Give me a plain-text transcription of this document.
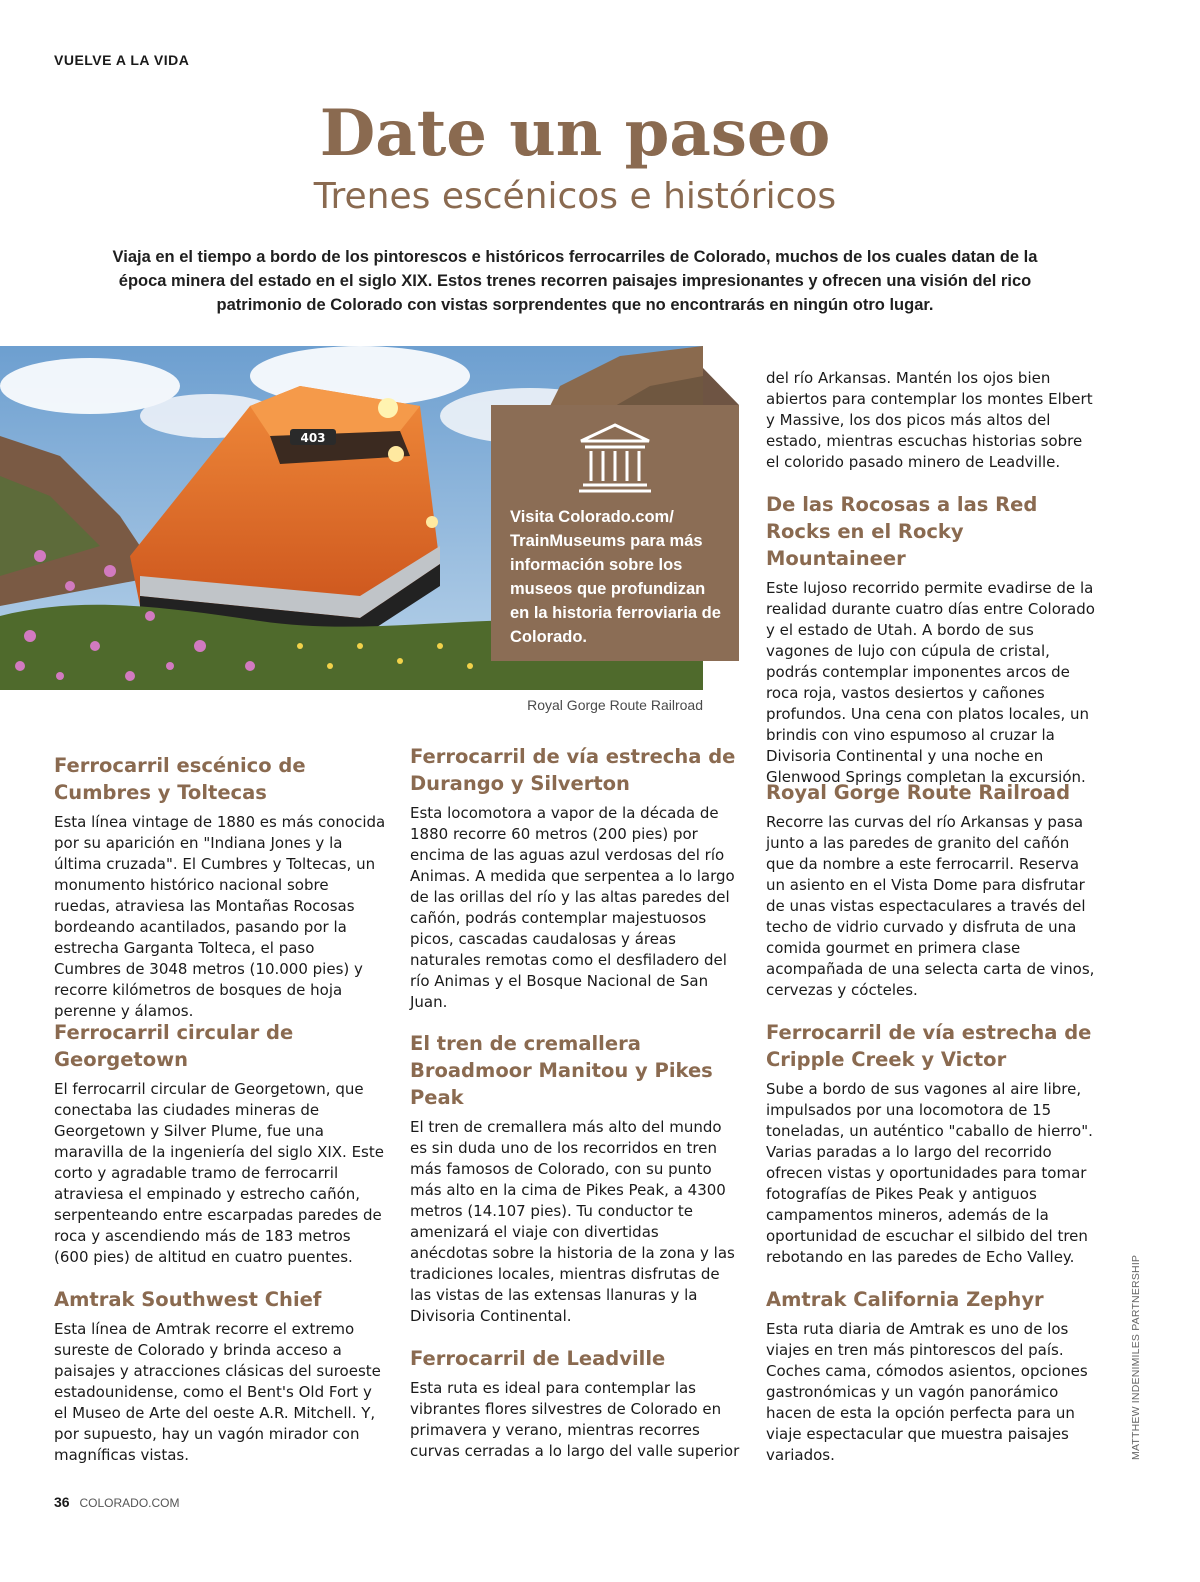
VUELVE A LA VIDA
Date un paseo
Trenes escénicos e históricos

Viaja en el tiempo a bordo de los pintorescos e históricos ferrocarriles de Colorado, muchos de los cuales datan de la época minera del estado en el siglo XIX. Estos trenes recorren paisajes impresionantes y ofrecen una visión del rico patrimonio de Colorado con vistas sorprendentes que no encontrarás en ningún otro lugar.

403

Visita Colorado.com/ TrainMuseums para más información sobre los museos que profundizan en la historia ferroviaria de Colorado.

Royal Gorge Route Railroad
Ferrocarril escénico de Cumbres y Toltecas

Esta línea vintage de 1880 es más conocida por su aparición en "Indiana Jones y la última cruzada". El Cumbres y Toltecas, un monumento histórico nacional sobre ruedas, atraviesa las Montañas Rocosas bordeando acantilados, pasando por la estrecha Garganta Tolteca, el paso Cumbres de 3048 metros (10.000 pies) y recorre kilómetros de bosques de hoja perenne y álamos.

Ferrocarril circular de Georgetown

El ferrocarril circular de Georgetown, que conectaba las ciudades mineras de Georgetown y Silver Plume, fue una maravilla de la ingeniería del siglo XIX. Este corto y agradable tramo de ferrocarril atraviesa el empinado y estrecho cañón, serpenteando entre escarpadas paredes de roca y ascendiendo más de 183 metros (600 pies) de altitud en cuatro puentes.

Amtrak Southwest Chief

Esta línea de Amtrak recorre el extremo sureste de Colorado y brinda acceso a paisajes y atracciones clásicas del suroeste estadounidense, como el Bent's Old Fort y el Museo de Arte del oeste A.R. Mitchell. Y, por supuesto, hay un vagón mirador con magníficas vistas.

Ferrocarril de vía estrecha de Durango y Silverton

Esta locomotora a vapor de la década de 1880 recorre 60 metros (200 pies) por encima de las aguas azul verdosas del río Animas. A medida que serpentea a lo largo de las orillas del río y las altas paredes del cañón, podrás contemplar majestuosos picos, cascadas caudalosas y áreas naturales remotas como el desfiladero del río Animas y el Bosque Nacional de San Juan.

El tren de cremallera Broadmoor Manitou y Pikes Peak

El tren de cremallera más alto del mundo es sin duda uno de los recorridos en tren más famosos de Colorado, con su punto más alto en la cima de Pikes Peak, a 4300 metros (14.107 pies). Tu conductor te amenizará el viaje con divertidas anécdotas sobre la historia de la zona y las tradiciones locales, mientras disfrutas de las vistas de las extensas llanuras y la Divisoria Continental.

Ferrocarril de Leadville

Esta ruta es ideal para contemplar las vibrantes flores silvestres de Colorado en primavera y verano, mientras recorres curvas cerradas a lo largo del valle superior

del río Arkansas. Mantén los ojos bien abiertos para contemplar los montes Elbert y Massive, los dos picos más altos del estado, mientras escuchas historias sobre el colorido pasado minero de Leadville.

De las Rocosas a las Red Rocks en el Rocky Mountaineer

Este lujoso recorrido permite evadirse de la realidad durante cuatro días entre Colorado y el estado de Utah. A bordo de sus vagones de lujo con cúpula de cristal, podrás contemplar imponentes arcos de roca roja, vastos desiertos y cañones profundos. Una cena con platos locales, un brindis con vino espumoso al cruzar la Divisoria Continental y una noche en Glenwood Springs completan la excursión.

Royal Gorge Route Railroad

Recorre las curvas del río Arkansas y pasa junto a las paredes de granito del cañón que da nombre a este ferrocarril. Reserva un asiento en el Vista Dome para disfrutar de unas vistas espectaculares a través del techo de vidrio curvado y disfruta de una comida gourmet en primera clase acompañada de una selecta carta de vinos, cervezas y cócteles.

Ferrocarril de vía estrecha de Cripple Creek y Victor

Sube a bordo de sus vagones al aire libre, impulsados por una locomotora de 15 toneladas, un auténtico "caballo de hierro". Varias paradas a lo largo del recorrido ofrecen vistas y oportunidades para tomar fotografías de Pikes Peak y antiguos campamentos mineros, además de la oportunidad de escuchar el silbido del tren rebotando en las paredes de Echo Valley.

Amtrak California Zephyr

Esta ruta diaria de Amtrak es uno de los viajes en tren más pintorescos del país. Coches cama, cómodos asientos, opciones gastronómicas y un vagón panorámico hacen de esta la opción perfecta para un viaje espectacular que muestra paisajes variados.	MATTHEW INDENIMILES PARTNERSHIP
36 COLORADO.COM
